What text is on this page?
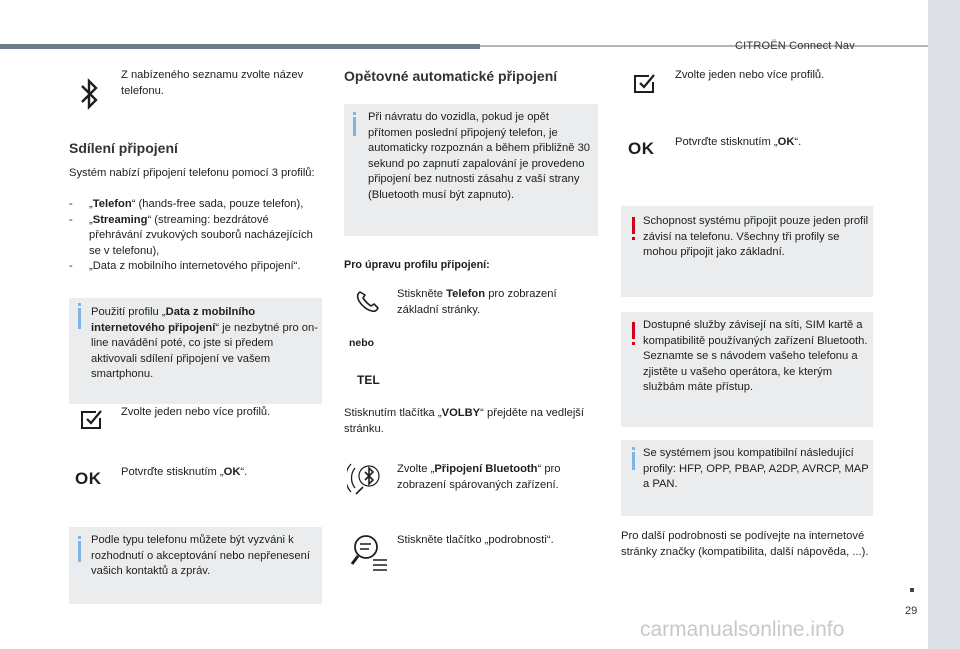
CITROËN Connect Nav
29
Z nabízeného seznamu zvolte název telefonu.
Sdílení připojení
Systém nabízí připojení telefonu pomocí 3 profilů:
- „Telefon“ (hands-free sada, pouze telefon),
- „Streaming“ (streaming: bezdrátové přehrávání zvukových souborů nacházejících se v telefonu),
- „Data z mobilního internetového připojení“.
Použití profilu „Data z mobilního internetového připojení“ je nezbytné pro on-line navádění poté, co jste si předem aktivovali sdílení připojení ve vašem smartphonu.
Zvolte jeden nebo více profilů.
OK Potvrďte stisknutím „OK“.
Podle typu telefonu můžete být vyzváni k rozhodnutí o akceptování nebo nepřenesení vašich kontaktů a zpráv.
Opětovné automatické připojení
Při návratu do vozidla, pokud je opět přítomen poslední připojený telefon, je automaticky rozpoznán a během přibližně 30 sekund po zapnutí zapalování je provedeno připojení bez nutnosti zásahu z vaší strany (Bluetooth musí být zapnuto).
Pro úpravu profilu připojení:
Stiskněte Telefon pro zobrazení základní stránky.
nebo
TEL
Stisknutím tlačítka „VOLBY“ přejděte na vedlejší stránku.
Zvolte „Připojení Bluetooth“ pro zobrazení spárovaných zařízení.
Stiskněte tlačítko „podrobnosti“.
Zvolte jeden nebo více profilů.
OK Potvrďte stisknutím „OK“.
Schopnost systému připojit pouze jeden profil závisí na telefonu. Všechny tři profily se mohou připojit jako základní.
Dostupné služby závisejí na síti, SIM kartě a kompatibilitě používaných zařízení Bluetooth. Seznamte se s návodem vašeho telefonu a zjistěte u vašeho operátora, ke kterým službám máte přístup.
Se systémem jsou kompatibilní následující profily: HFP, OPP, PBAP, A2DP, AVRCP, MAP a PAN.
Pro další podrobnosti se podívejte na internetové stránky značky (kompatibilita, další nápověda, ...).
carmanualsonline.info
